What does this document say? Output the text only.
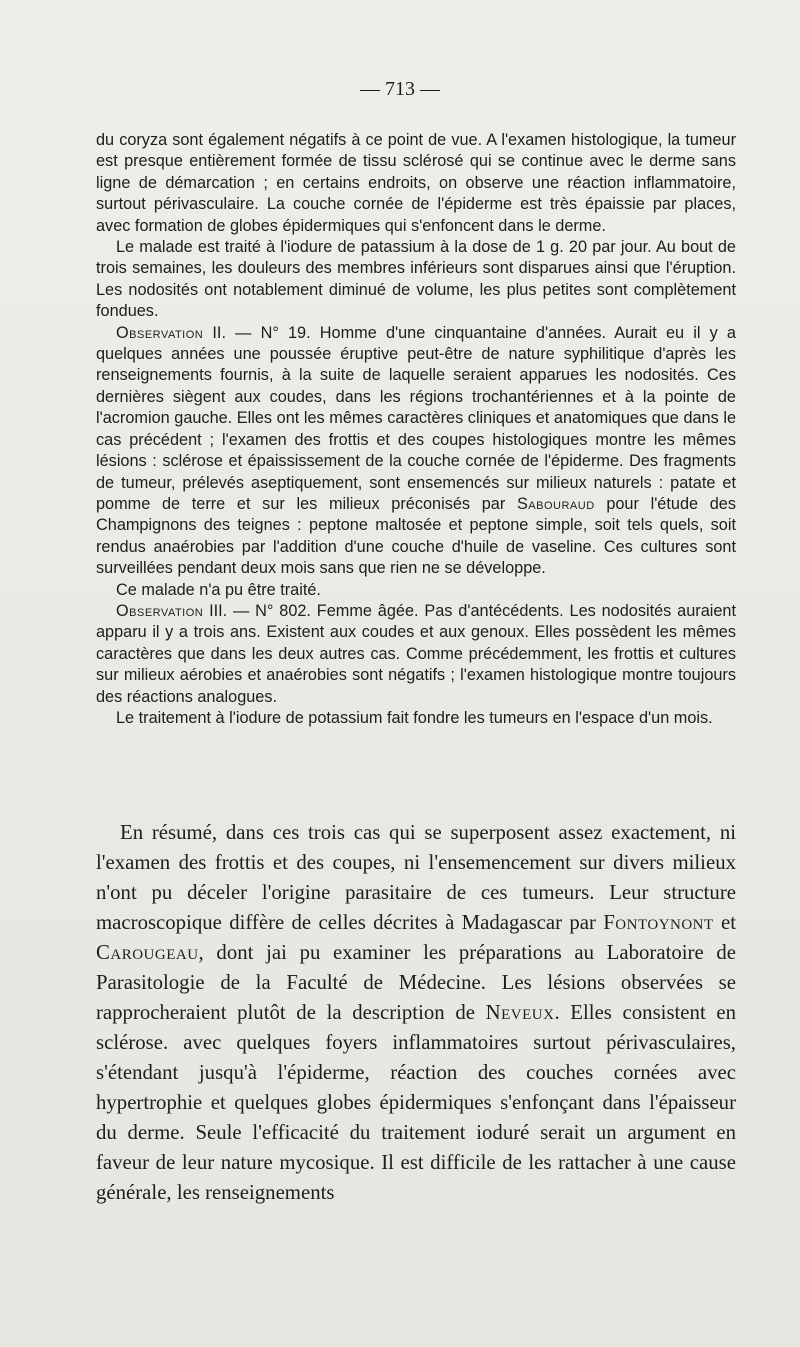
— 713 —

du coryza sont également négatifs à ce point de vue. A l'examen histologique, la tumeur est presque entièrement formée de tissu sclérosé qui se continue avec le derme sans ligne de démarcation ; en certains endroits, on observe une réaction inflammatoire, surtout périvasculaire. La couche cornée de l'épiderme est très épaissie par places, avec formation de globes épidermiques qui s'enfoncent dans le derme.

Le malade est traité à l'iodure de patassium à la dose de 1 g. 20 par jour. Au bout de trois semaines, les douleurs des membres inférieurs sont disparues ainsi que l'éruption. Les nodosités ont notablement diminué de volume, les plus petites sont complètement fondues.

Observation II. — N° 19. Homme d'une cinquantaine d'années. Aurait eu il y a quelques années une poussée éruptive peut-être de nature syphilitique d'après les renseignements fournis, à la suite de laquelle seraient apparues les nodosités. Ces dernières siègent aux coudes, dans les régions trochantériennes et à la pointe de l'acromion gauche. Elles ont les mêmes caractères cliniques et anatomiques que dans le cas précédent ; l'examen des frottis et des coupes histologiques montre les mêmes lésions : sclérose et épaississement de la couche cornée de l'épiderme. Des fragments de tumeur, prélevés aseptiquement, sont ensemencés sur milieux naturels : patate et pomme de terre et sur les milieux préconisés par Sabouraud pour l'étude des Champignons des teignes : peptone maltosée et peptone simple, soit tels quels, soit rendus anaérobies par l'addition d'une couche d'huile de vaseline. Ces cultures sont surveillées pendant deux mois sans que rien ne se développe.

Ce malade n'a pu être traité.

Observation III. — N° 802. Femme âgée. Pas d'antécédents. Les nodosités auraient apparu il y a trois ans. Existent aux coudes et aux genoux. Elles possèdent les mêmes caractères que dans les deux autres cas. Comme précédemment, les frottis et cultures sur milieux aérobies et anaérobies sont négatifs ; l'examen histologique montre toujours des réactions analogues.

Le traitement à l'iodure de potassium fait fondre les tumeurs en l'espace d'un mois.

En résumé, dans ces trois cas qui se superposent assez exactement, ni l'examen des frottis et des coupes, ni l'ensemencement sur divers milieux n'ont pu déceler l'origine parasitaire de ces tumeurs. Leur structure macroscopique diffère de celles décrites à Madagascar par Fontoynont et Carougeau, dont jai pu examiner les préparations au Laboratoire de Parasitologie de la Faculté de Médecine. Les lésions observées se rapprocheraient plutôt de la description de Neveux. Elles consistent en sclérose. avec quelques foyers inflammatoires surtout périvasculaires, s'étendant jusqu'à l'épiderme, réaction des couches cornées avec hypertrophie et quelques globes épidermiques s'enfonçant dans l'épaisseur du derme. Seule l'efficacité du traitement ioduré serait un argument en faveur de leur nature mycosique. Il est difficile de les rattacher à une cause générale, les renseignements
